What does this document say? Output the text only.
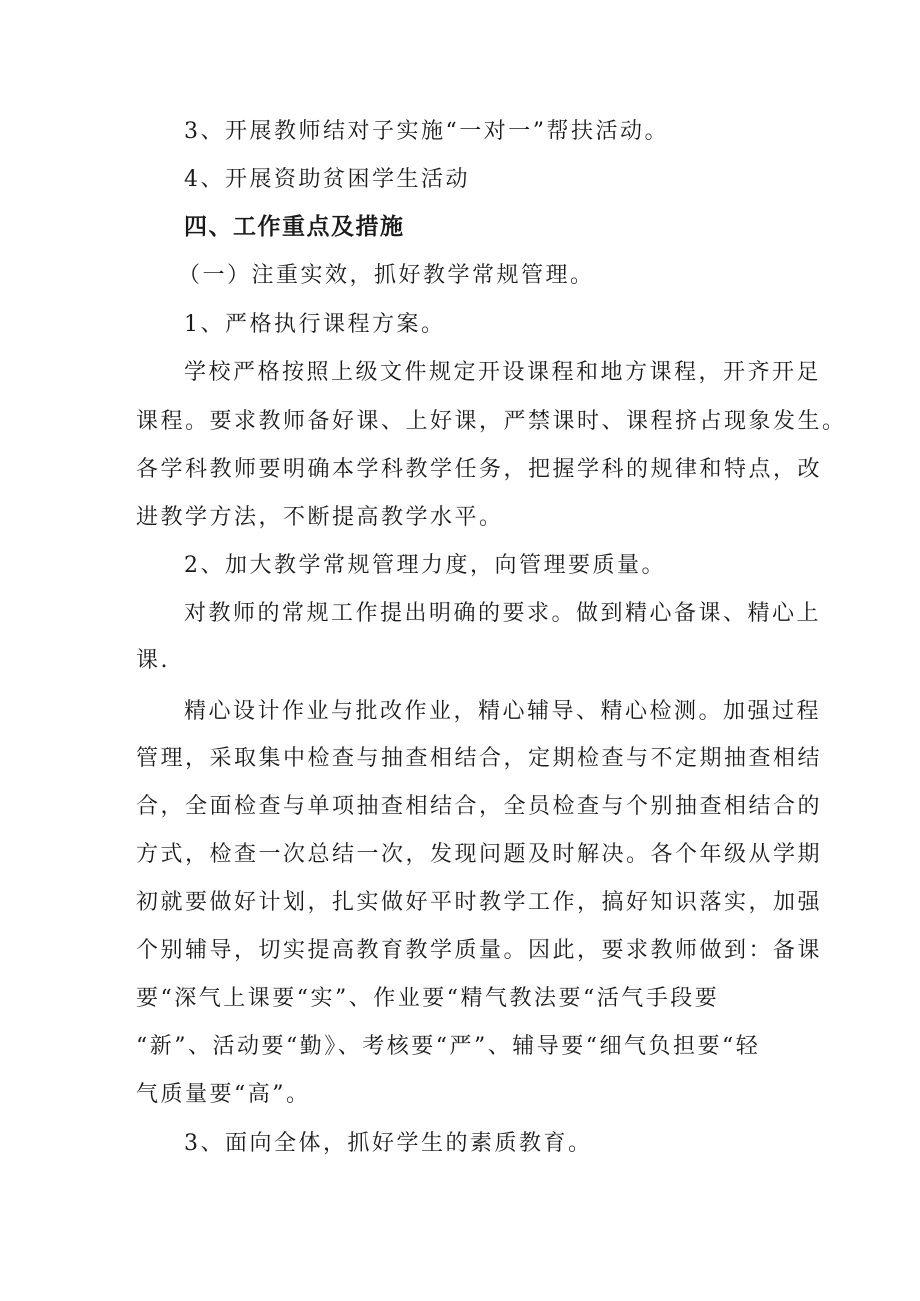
3、开展教师结对子实施“一对一”帮扶活动。
4、开展资助贫困学生活动
四、工作重点及措施
（一）注重实效，抓好教学常规管理。
1、严格执行课程方案。
学校严格按照上级文件规定开设课程和地方课程，开齐开足
课程。要求教师备好课、上好课，严禁课时、课程挤占现象发生。
各学科教师要明确本学科教学任务，把握学科的规律和特点，改
进教学方法，不断提高教学水平。
2、加大教学常规管理力度，向管理要质量。
对教师的常规工作提出明确的要求。做到精心备课、精心上
课.
精心设计作业与批改作业，精心辅导、精心检测。加强过程
管理，采取集中检查与抽查相结合，定期检查与不定期抽查相结
合，全面检查与单项抽查相结合，全员检查与个别抽查相结合的
方式，检查一次总结一次，发现问题及时解决。各个年级从学期
初就要做好计划，扎实做好平时教学工作，搞好知识落实，加强
个别辅导，切实提高教育教学质量。因此，要求教师做到：备课
要“深气上课要“实”、作业要“精气教法要“活气手段要
“新”、活动要“勤》、考核要“严”、辅导要“细气负担要“轻
气质量要“高”。
3、面向全体，抓好学生的素质教育。
